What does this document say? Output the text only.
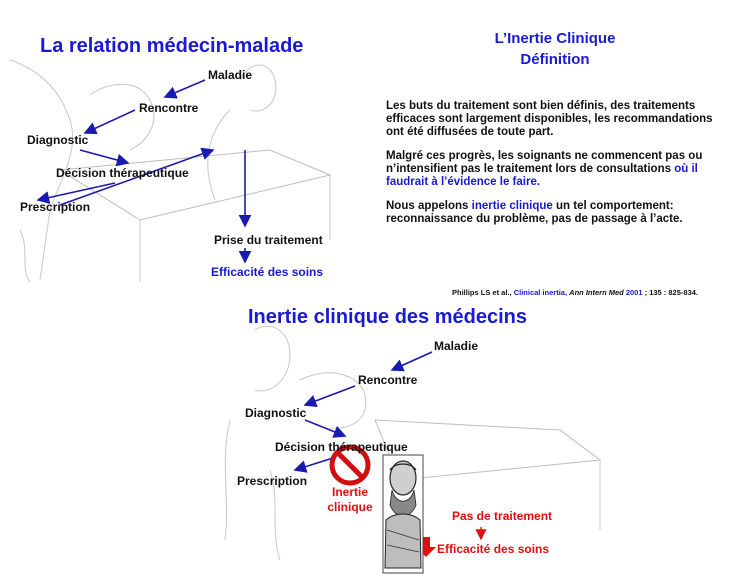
La relation médecin-malade
Maladie
Rencontre
Diagnostic
Décision thérapeutique
Prescription
Prise du traitement
Efficacité des soins
L’Inertie Clinique
Définition

Les buts du traitement sont bien définis, des traitements efficaces sont largement disponibles, les recommandations ont été diffusées de toute part.

Malgré ces progrès, les soignants ne commencent pas ou n’intensifient pas le traitement lors de consultations où il faudrait à l’évidence le faire.

Nous appelons inertie clinique un tel comportement: reconnaissance du problème, pas de passage à l’acte.

Phillips LS et al., Clinical inertia, Ann Intern Med 2001 ; 135 : 825-834.
Inertie clinique des médecins
Maladie
Rencontre
Diagnostic
Décision thérapeutique
Prescription
Inertie
clinique
Pas de traitement
Efficacité des soins
